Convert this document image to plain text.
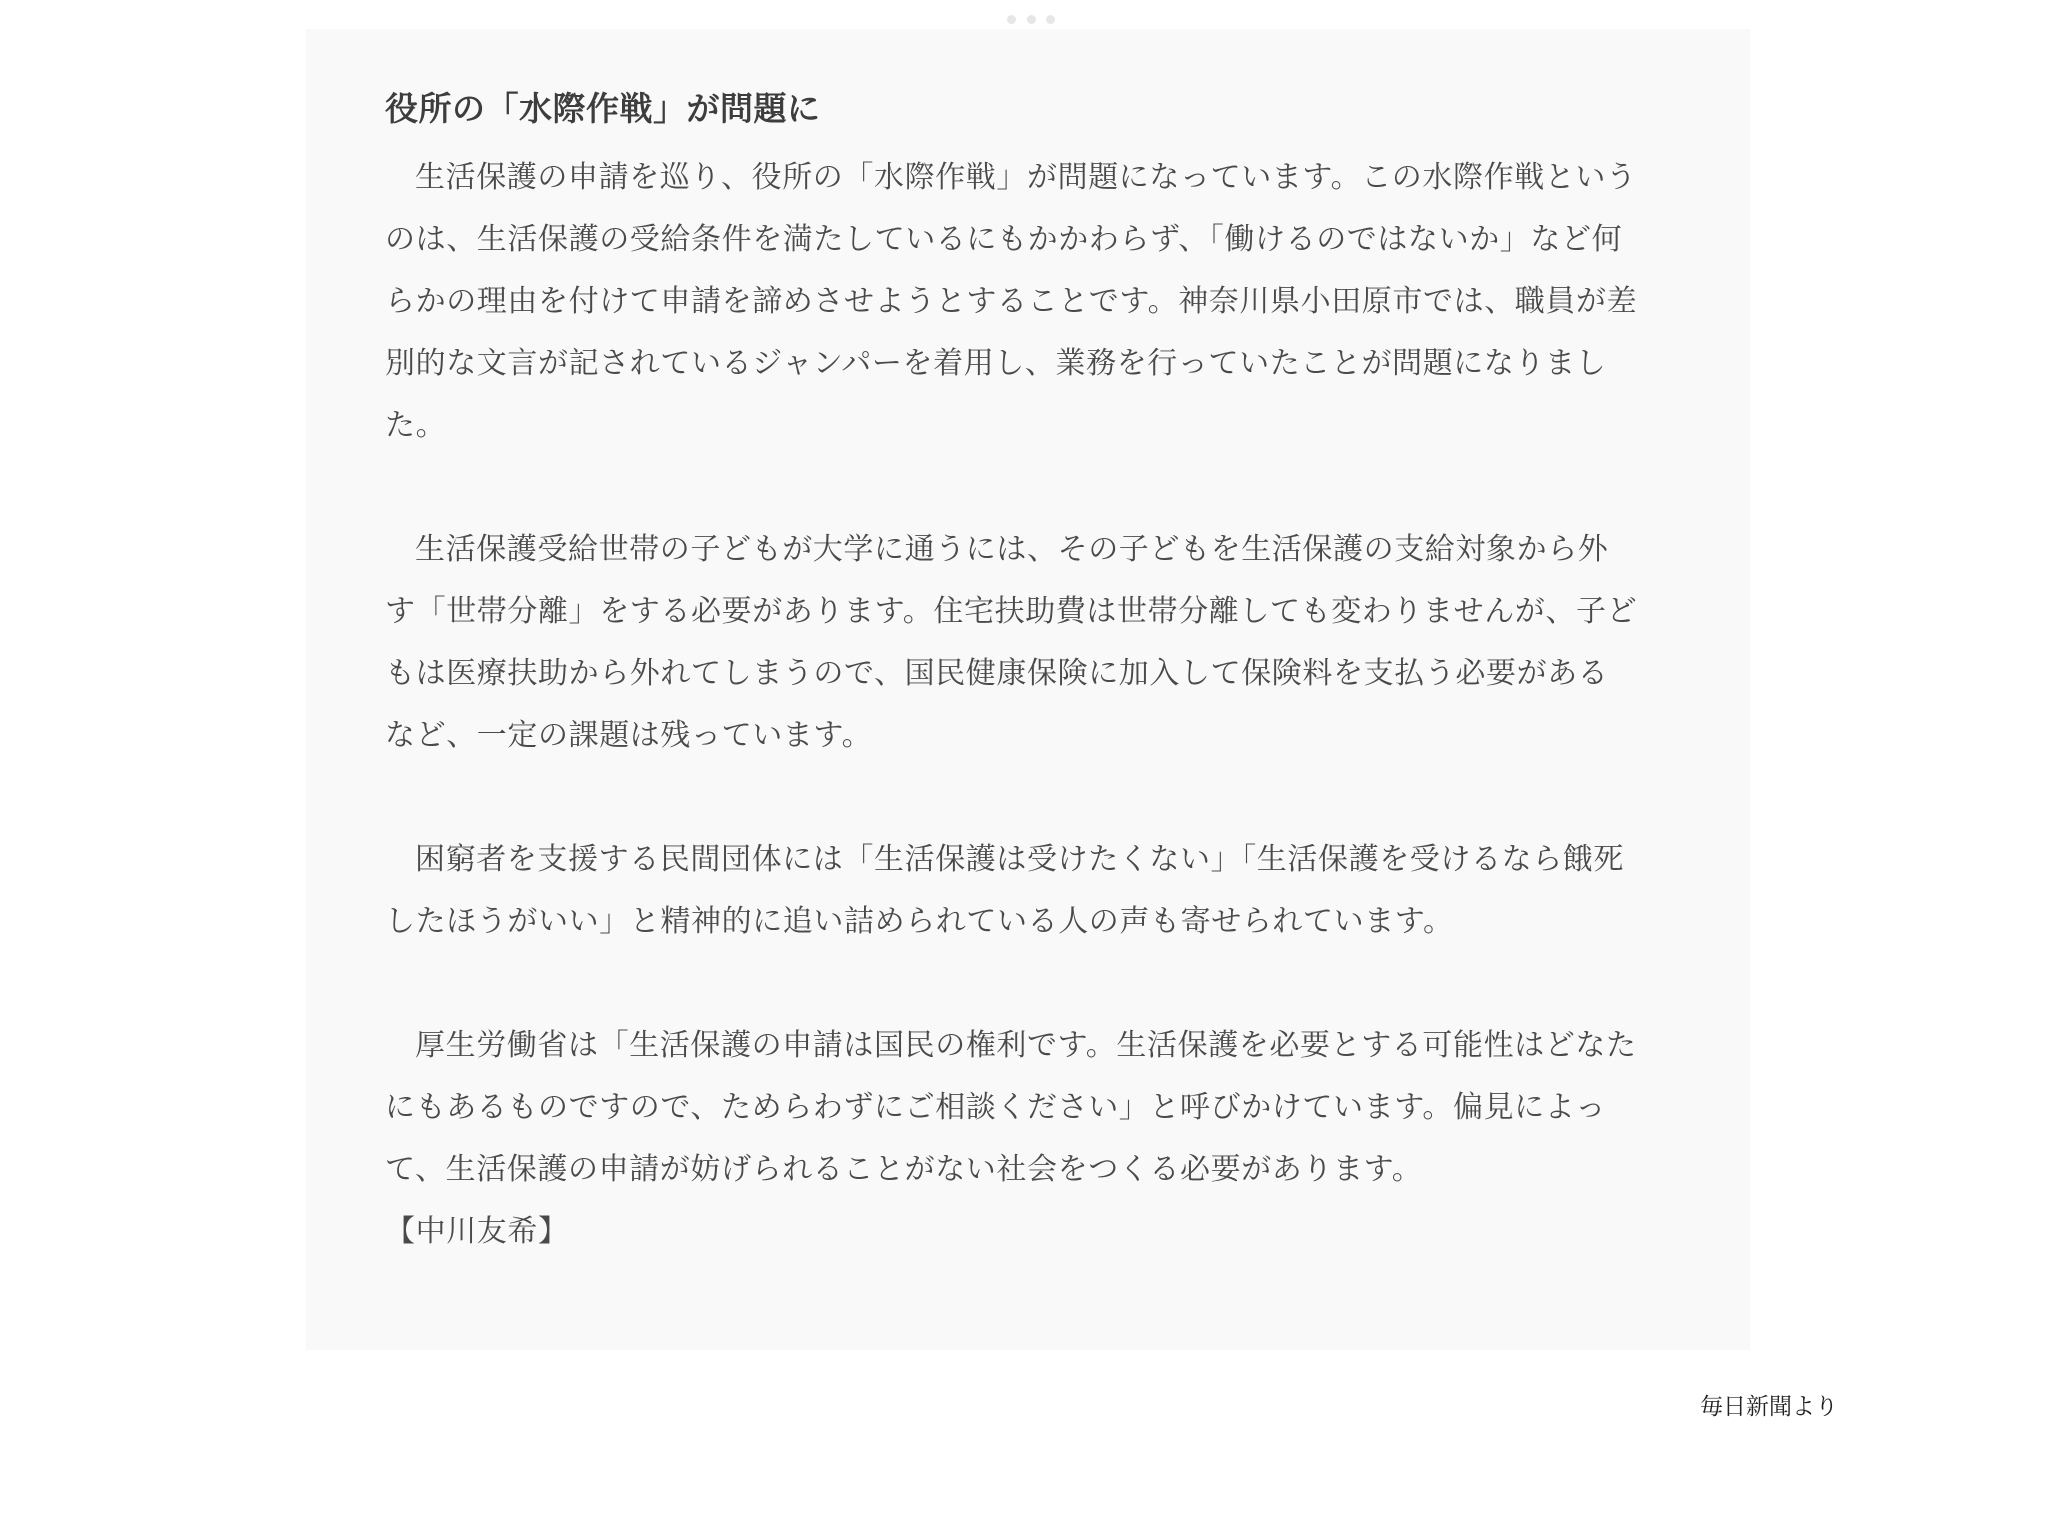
役所の「水際作戦」が問題に

生活保護の申請を巡り、役所の「水際作戦」が問題になっています。この水際作戦というのは、生活保護の受給条件を満たしているにもかかわらず、「働けるのではないか」など何らかの理由を付けて申請を諦めさせようとすることです。神奈川県小田原市では、職員が差別的な文言が記されているジャンパーを着用し、業務を行っていたことが問題になりました。

生活保護受給世帯の子どもが大学に通うには、その子どもを生活保護の支給対象から外す「世帯分離」をする必要があります。住宅扶助費は世帯分離しても変わりませんが、子どもは医療扶助から外れてしまうので、国民健康保険に加入して保険料を支払う必要があるなど、一定の課題は残っています。

困窮者を支援する民間団体には「生活保護は受けたくない」「生活保護を受けるなら餓死したほうがいい」と精神的に追い詰められている人の声も寄せられています。

厚生労働省は「生活保護の申請は国民の権利です。生活保護を必要とする可能性はどなたにもあるものですので、ためらわずにご相談ください」と呼びかけています。偏見によって、生活保護の申請が妨げられることがない社会をつくる必要があります。

【中川友希】

毎日新聞より
